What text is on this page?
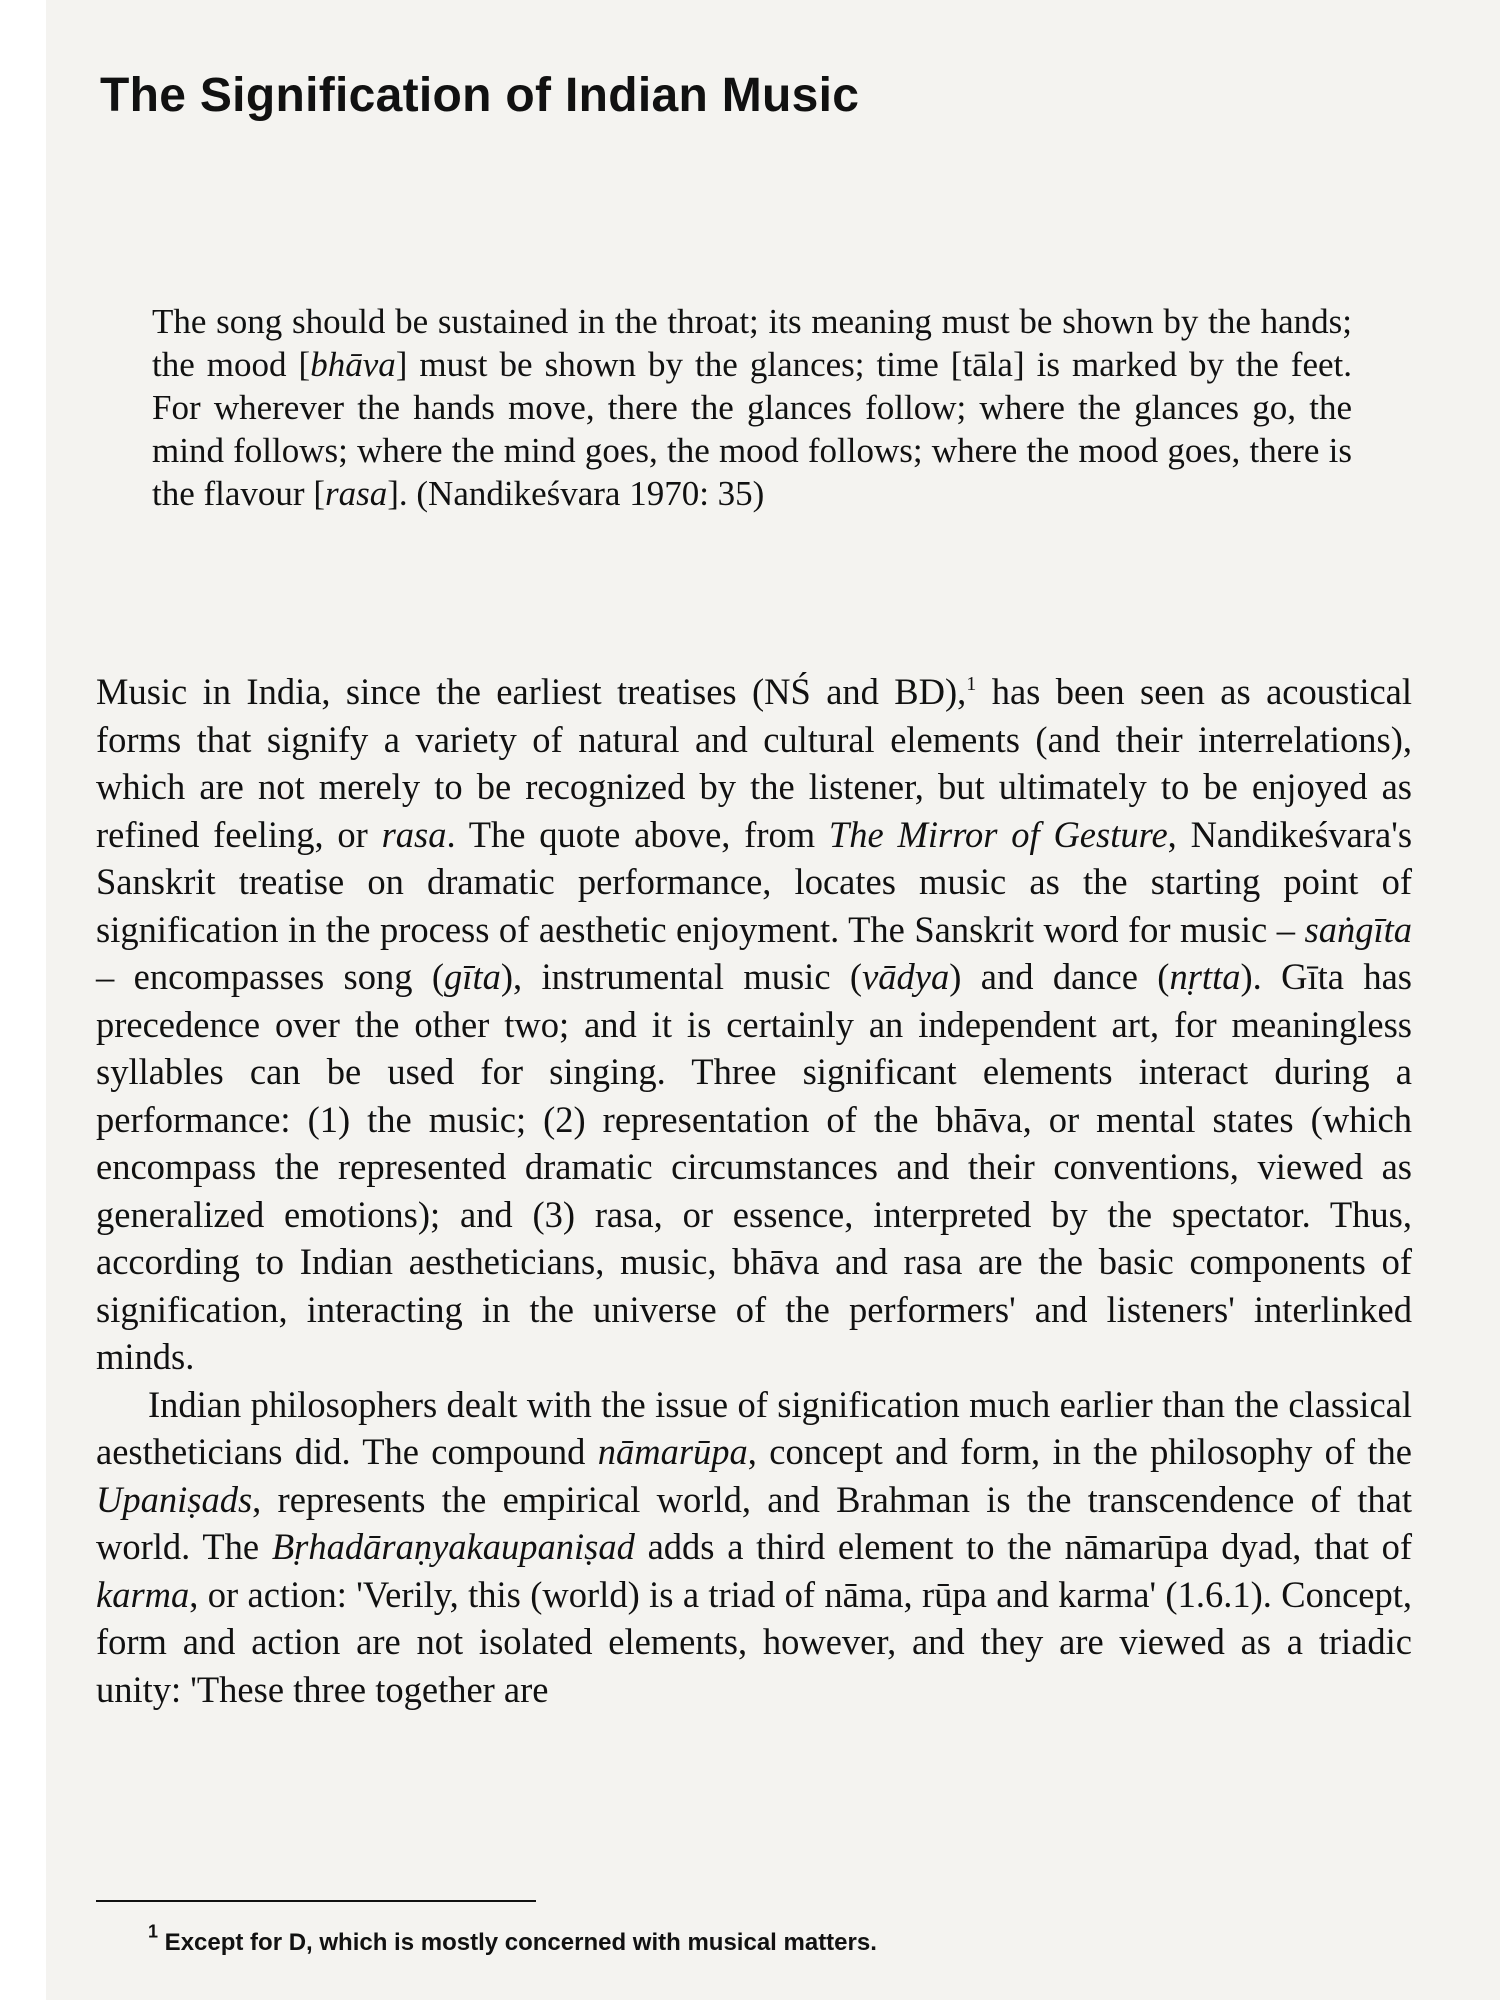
The Signification of Indian Music

The song should be sustained in the throat; its meaning must be shown by the hands; the mood [bhāva] must be shown by the glances; time [tāla] is marked by the feet. For wherever the hands move, there the glances follow; where the glances go, the mind follows; where the mind goes, the mood follows; where the mood goes, there is the flavour [rasa]. (Nandikeśvara 1970: 35)

Music in India, since the earliest treatises (NŚ and BD),$^1$ has been seen as acoustical forms that signify a variety of natural and cultural elements (and their interrelations), which are not merely to be recognized by the listener, but ultimately to be enjoyed as refined feeling, or rasa. The quote above, from The Mirror of Gesture, Nandikeśvara's Sanskrit treatise on dramatic performance, locates music as the starting point of signification in the process of aesthetic enjoyment. The Sanskrit word for music – saṅgīta – encompasses song (gīta), instrumental music (vādya) and dance (nṛtta). Gīta has precedence over the other two; and it is certainly an independent art, for meaningless syllables can be used for singing. Three significant elements interact during a performance: (1) the music; (2) representation of the bhāva, or mental states (which encompass the represented dramatic circumstances and their conventions, viewed as generalized emotions); and (3) rasa, or essence, interpreted by the spectator. Thus, according to Indian aestheticians, music, bhāva and rasa are the basic components of signification, interacting in the universe of the performers' and listeners' interlinked minds.

Indian philosophers dealt with the issue of signification much earlier than the classical aestheticians did. The compound nāmarūpa, concept and form, in the philosophy of the Upaniṣads, represents the empirical world, and Brahman is the transcendence of that world. The Bṛhadāraṇyakaupaniṣad adds a third element to the nāmarūpa dyad, that of karma, or action: 'Verily, this (world) is a triad of nāma, rūpa and karma' (1.6.1). Concept, form and action are not isolated elements, however, and they are viewed as a triadic unity: 'These three together are

$^1$ Except for D, which is mostly concerned with musical matters.
